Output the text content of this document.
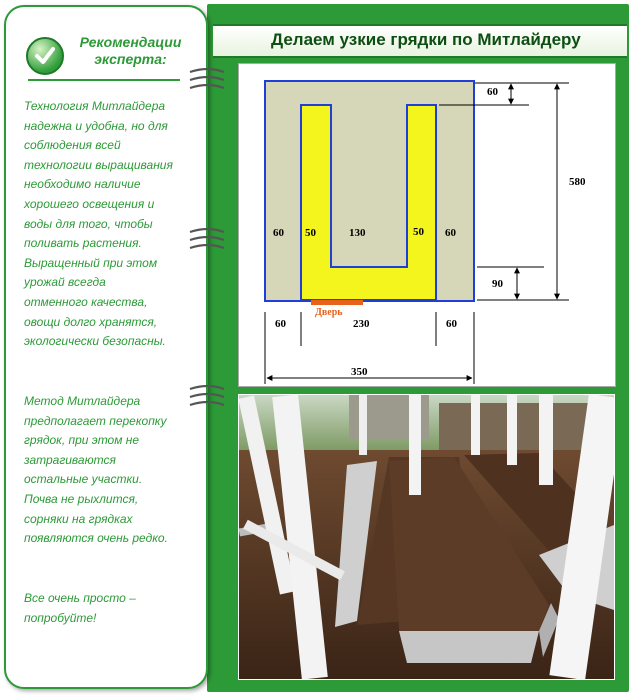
Делаем узкие грядки по Митлайдеру
Рекомендации
эксперта:
Технология Митлайдера
надежна и удобна, но для
соблюдения всей
технологии выращивания
необходимо наличие
хорошего освещения и
воды для того, чтобы
поливать растения.
Выращенный при этом
урожай всегда
отменного качества,
овощи долго хранятся,
экологически безопасны.
Метод Митлайдера
предполагает перекопку
грядок, при этом не
затрагиваются
остальные участки.
Почва не рыхлится,
сорняки на грядках
появляются очень редко.
Все очень просто –
попробуйте!
60
580
60 50	130	50 60
90
60	230	60
350
Дверь
